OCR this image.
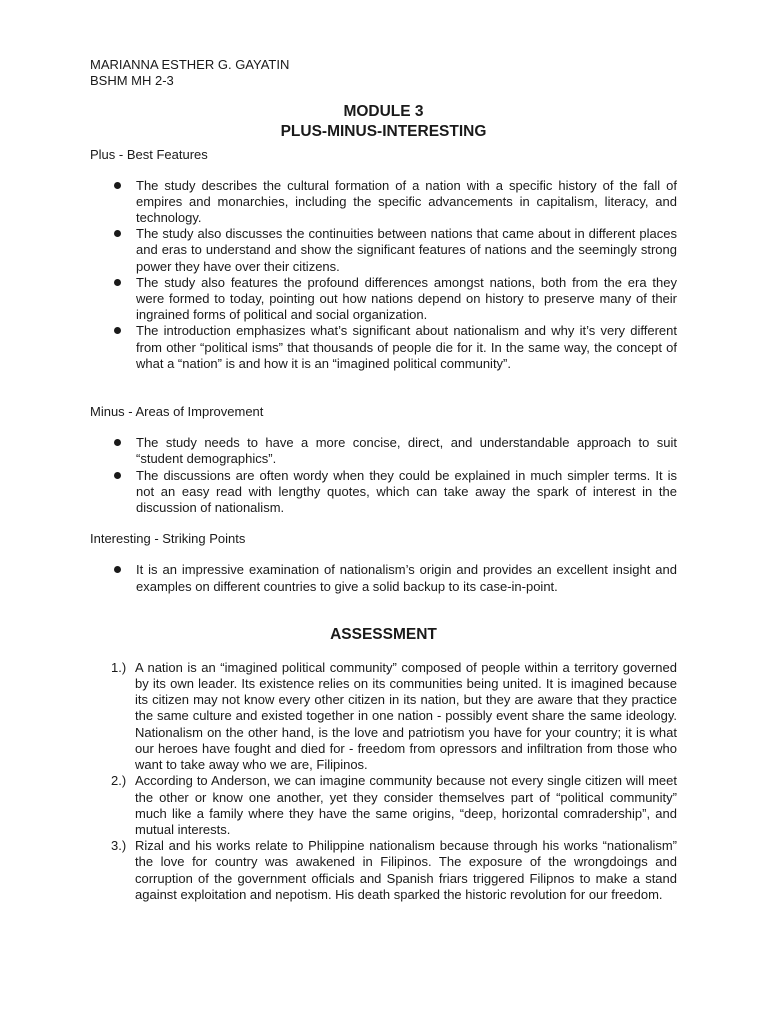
MARIANNA ESTHER G. GAYATIN
BSHM MH 2-3
MODULE 3
PLUS-MINUS-INTERESTING

Plus - Best Features

The study describes the cultural formation of a nation with a specific history of the fall of empires and monarchies, including the specific advancements in capitalism, literacy, and technology.
The study also discusses the continuities between nations that came about in different places and eras to understand and show the significant features of nations and the seemingly strong power they have over their citizens.
The study also features the profound differences amongst nations, both from the era they were formed to today, pointing out how nations depend on history to preserve many of their ingrained forms of political and social organization.
The introduction emphasizes what’s significant about nationalism and why it’s very different from other “political isms” that thousands of people die for it. In the same way, the concept of what a “nation” is and how it is an “imagined political community”.

Minus - Areas of Improvement

The study needs to have a more concise, direct, and understandable approach to suit “student demographics”.
The discussions are often wordy when they could be explained in much simpler terms. It is not an easy read with lengthy quotes, which can take away the spark of interest in the discussion of nationalism.

Interesting - Striking Points

It is an impressive examination of nationalism’s origin and provides an excellent insight and examples on different countries to give a solid backup to its case-in-point.
ASSESSMENT
1.) A nation is an “imagined political community” composed of people within a territory governed by its own leader. Its existence relies on its communities being united. It is imagined because its citizen may not know every other citizen in its nation, but they are aware that they practice the same culture and existed together in one nation - possibly event share the same ideology. Nationalism on the other hand, is the love and patriotism you have for your country; it is what our heroes have fought and died for - freedom from opressors and infiltration from those who want to take away who we are, Filipinos.
2.) According to Anderson, we can imagine community because not every single citizen will meet the other or know one another, yet they consider themselves part of “political community” much like a family where they have the same origins, “deep, horizontal comradership”, and mutual interests.
3.) Rizal and his works relate to Philippine nationalism because through his works “nationalism” the love for country was awakened in Filipinos. The exposure of the wrongdoings and corruption of the government officials and Spanish friars triggered Filipnos to make a stand against exploitation and nepotism. His death sparked the historic revolution for our freedom.
